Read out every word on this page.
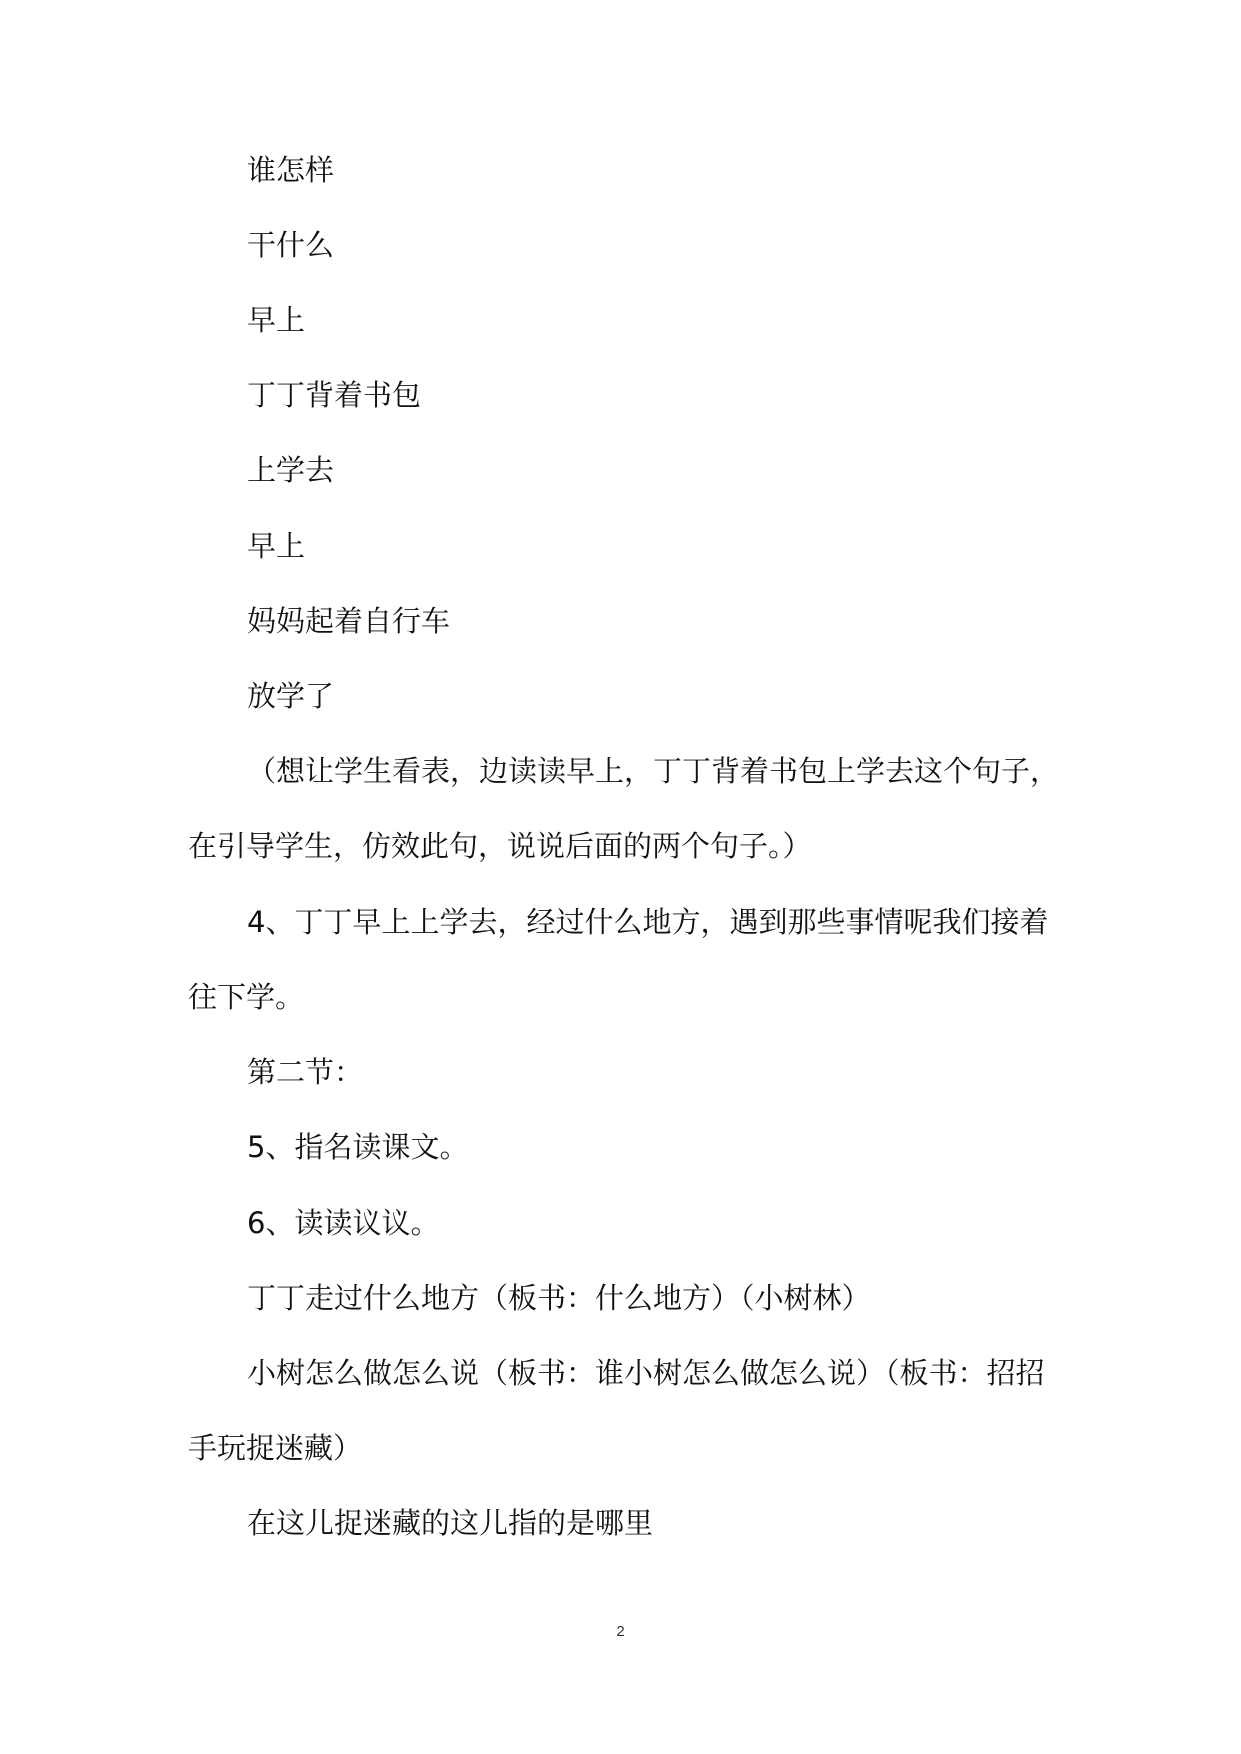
谁怎样
干什么
早上
丁丁背着书包
上学去
早上
妈妈起着自行车
放学了
（想让学生看表，边读读早上，丁丁背着书包上学去这个句子，
在引导学生，仿效此句，说说后面的两个句子。）
4、丁丁早上上学去，经过什么地方，遇到那些事情呢我们接着
往下学。
第二节：
5、指名读课文。
6、读读议议。
丁丁走过什么地方（板书：什么地方）（小树林）
小树怎么做怎么说（板书：谁小树怎么做怎么说）（板书：招招
手玩捉迷藏）
在这儿捉迷藏的这儿指的是哪里
2
